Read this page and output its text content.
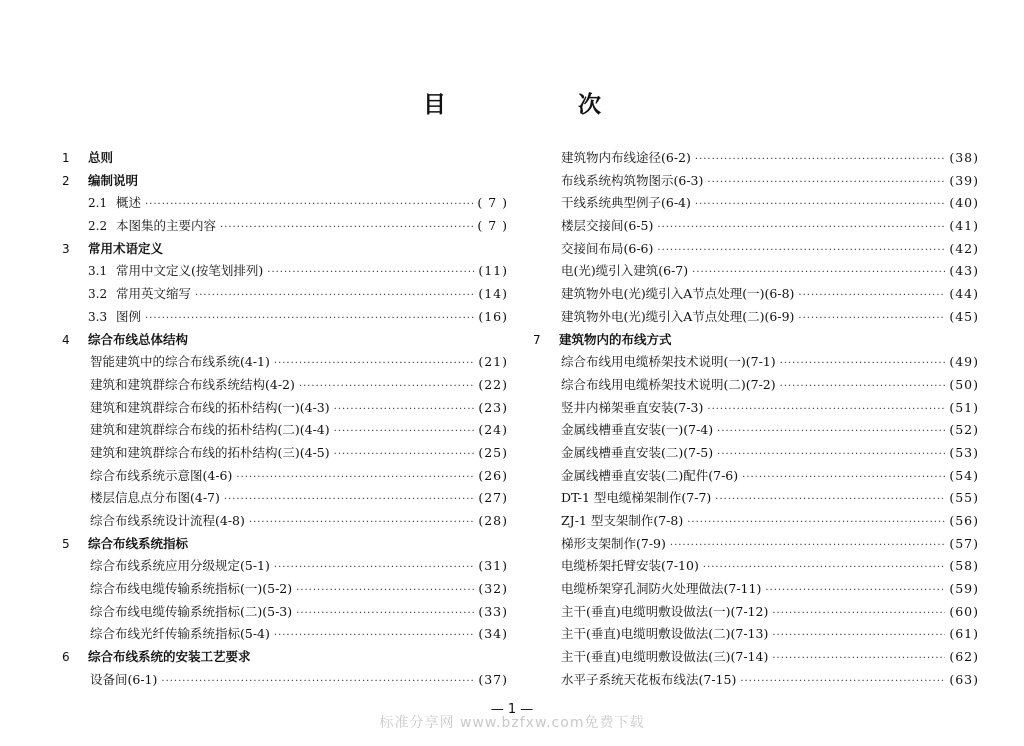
目 次
1	总则
2	编制说明
2.1 概述 ·····	( 7 )
2.2 本图集的主要内容 ·····	( 7 )
3	常用术语定义
3.1 常用中文定义(按笔划排列) ·····	(11)
3.2 常用英文缩写 ·····	(14)
3.3 图例 ·····	(16)
4	综合布线总体结构
智能建筑中的综合布线系统(4-1) ·····	(21)
建筑和建筑群综合布线系统结构(4-2) ·····	(22)
建筑和建筑群综合布线的拓朴结构(一)(4-3) ·····	(23)
建筑和建筑群综合布线的拓朴结构(二)(4-4) ·····	(24)
建筑和建筑群综合布线的拓朴结构(三)(4-5) ·····	(25)
综合布线系统示意图(4-6) ·····	(26)
楼层信息点分布图(4-7) ·····	(27)
综合布线系统设计流程(4-8) ·····	(28)
5	综合布线系统指标
综合布线系统应用分级规定(5-1) ·····	(31)
综合布线电缆传输系统指标(一)(5-2) ·····	(32)
综合布线电缆传输系统指标(二)(5-3) ·····	(33)
综合布线光纤传输系统指标(5-4) ·····	(34)
6	综合布线系统的安装工艺要求
设备间(6-1) ·····	(37)
建筑物内布线途径(6-2) ·····	(38)
布线系统构筑物图示(6-3) ·····	(39)
干线系统典型例子(6-4) ·····	(40)
楼层交接间(6-5) ·····	(41)
交接间布局(6-6) ·····	(42)
电(光)缆引入建筑(6-7) ·····	(43)
建筑物外电(光)缆引入A节点处理(一)(6-8) ·····	(44)
建筑物外电(光)缆引入A节点处理(二)(6-9) ·····	(45)
7	建筑物内的布线方式
综合布线用电缆桥架技术说明(一)(7-1) ·····	(49)
综合布线用电缆桥架技术说明(二)(7-2) ·····	(50)
竖井内梯架垂直安装(7-3) ·····	(51)
金属线槽垂直安装(一)(7-4) ·····	(52)
金属线槽垂直安装(二)(7-5) ·····	(53)
金属线槽垂直安装(二)配件(7-6) ·····	(54)
DT-1 型电缆梯架制作(7-7) ·····	(55)
ZJ-1 型支架制作(7-8) ·····	(56)
梯形支架制作(7-9) ·····	(57)
电缆桥架托臂安装(7-10) ·····	(58)
电缆桥架穿孔洞防火处理做法(7-11) ·····	(59)
主干(垂直)电缆明敷设做法(一)(7-12) ·····	(60)
主干(垂直)电缆明敷设做法(二)(7-13) ·····	(61)
主干(垂直)电缆明敷设做法(三)(7-14) ·····	(62)
水平子系统天花板布线法(7-15) ·····	(63)
— 1 —
标准分享网 www.bzfxw.com免费下载
